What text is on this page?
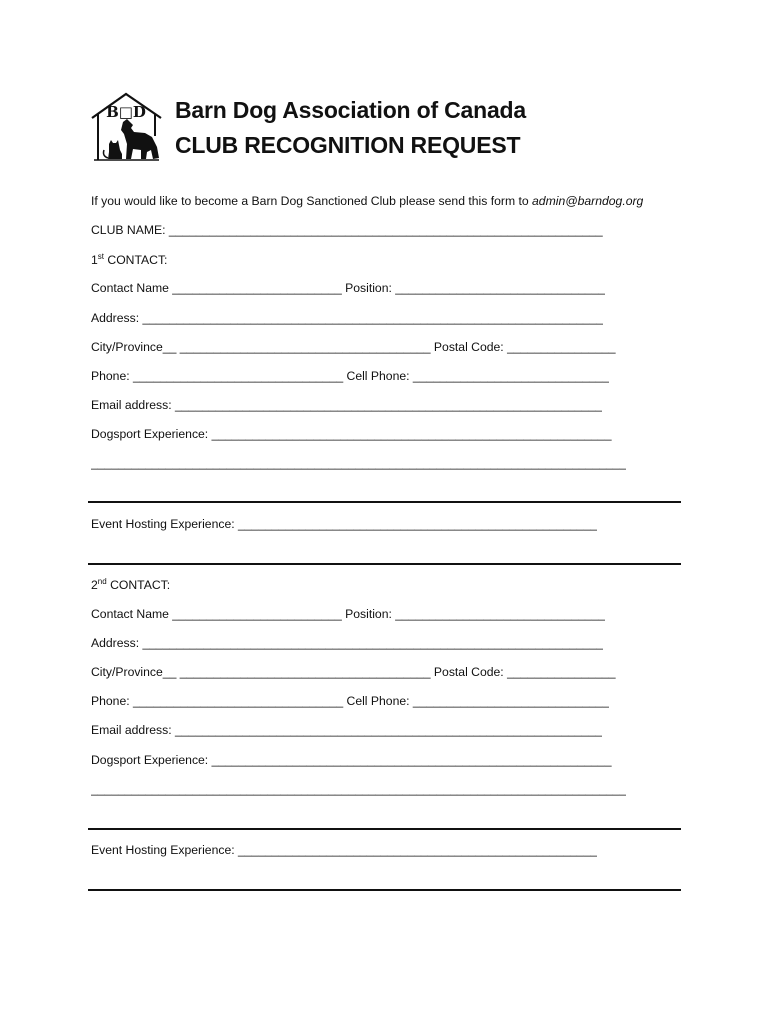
B□D Barn Dog Association of Canada
CLUB RECOGNITION REQUEST
If you would like to become a Barn Dog Sanctioned Club please send this form to admin@barndog.org
CLUB NAME: ________________________________________________________________
1st CONTACT:
Contact Name _________________________ Position: _______________________________
Address: ____________________________________________________________________
City/Province__ _____________________________________ Postal Code: ________________
Phone: _______________________________ Cell Phone: _____________________________
Email address: _______________________________________________________________
Dogsport Experience: ___________________________________________________________
_______________________________________________________________________________
Event Hosting Experience: _____________________________________________________
2nd CONTACT:
Contact Name _________________________ Position: _______________________________
Address: ____________________________________________________________________
City/Province__ _____________________________________ Postal Code: ________________
Phone: _______________________________ Cell Phone: _____________________________
Email address: _______________________________________________________________
Dogsport Experience: ___________________________________________________________
_______________________________________________________________________________
Event Hosting Experience: _____________________________________________________
